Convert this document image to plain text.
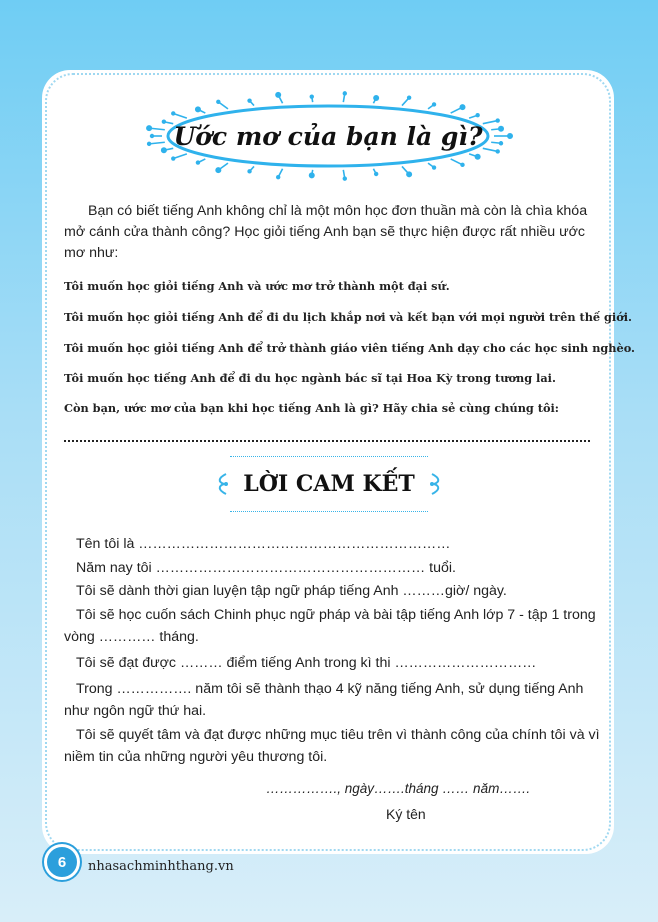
Ước mơ của bạn là gì?
Bạn có biết tiếng Anh không chỉ là một môn học đơn thuần mà còn là chìa khóa mở cánh cửa thành công? Học giỏi tiếng Anh bạn sẽ thực hiện được rất nhiều ước mơ như:
Tôi muốn học giỏi tiếng Anh và ước mơ trở thành một đại sứ.
Tôi muốn học giỏi tiếng Anh để đi du lịch khắp nơi và kết bạn với mọi người trên thế giới.
Tôi muốn học giỏi tiếng Anh để trở thành giáo viên tiếng Anh dạy cho các học sinh nghèo.
Tôi muốn học tiếng Anh để đi du học ngành bác sĩ tại Hoa Kỳ trong tương lai.
Còn bạn, ước mơ của bạn khi học tiếng Anh là gì? Hãy chia sẻ cùng chúng tôi:
LỜI CAM KẾT
Tên tôi là …………………………………………………………
Năm nay tôi ………………………………………………… tuổi.
Tôi sẽ dành thời gian luyện tập ngữ pháp tiếng Anh ………giờ/ ngày.
Tôi sẽ học cuốn sách Chinh phục ngữ pháp và bài tập tiếng Anh lớp 7 - tập 1 trong vòng ………… tháng.
Tôi sẽ đạt được ……… điểm tiếng Anh trong kì thi …………………………
Trong ……………. năm tôi sẽ thành thạo 4 kỹ năng tiếng Anh, sử dụng tiếng Anh như ngôn ngữ thứ hai.
Tôi sẽ quyết tâm và đạt được những mục tiêu trên vì thành công của chính tôi và vì niềm tin của những người yêu thương tôi.
……………., ngày…….tháng …… năm…….
Ký tên
6	nhasachminhthang.vn
